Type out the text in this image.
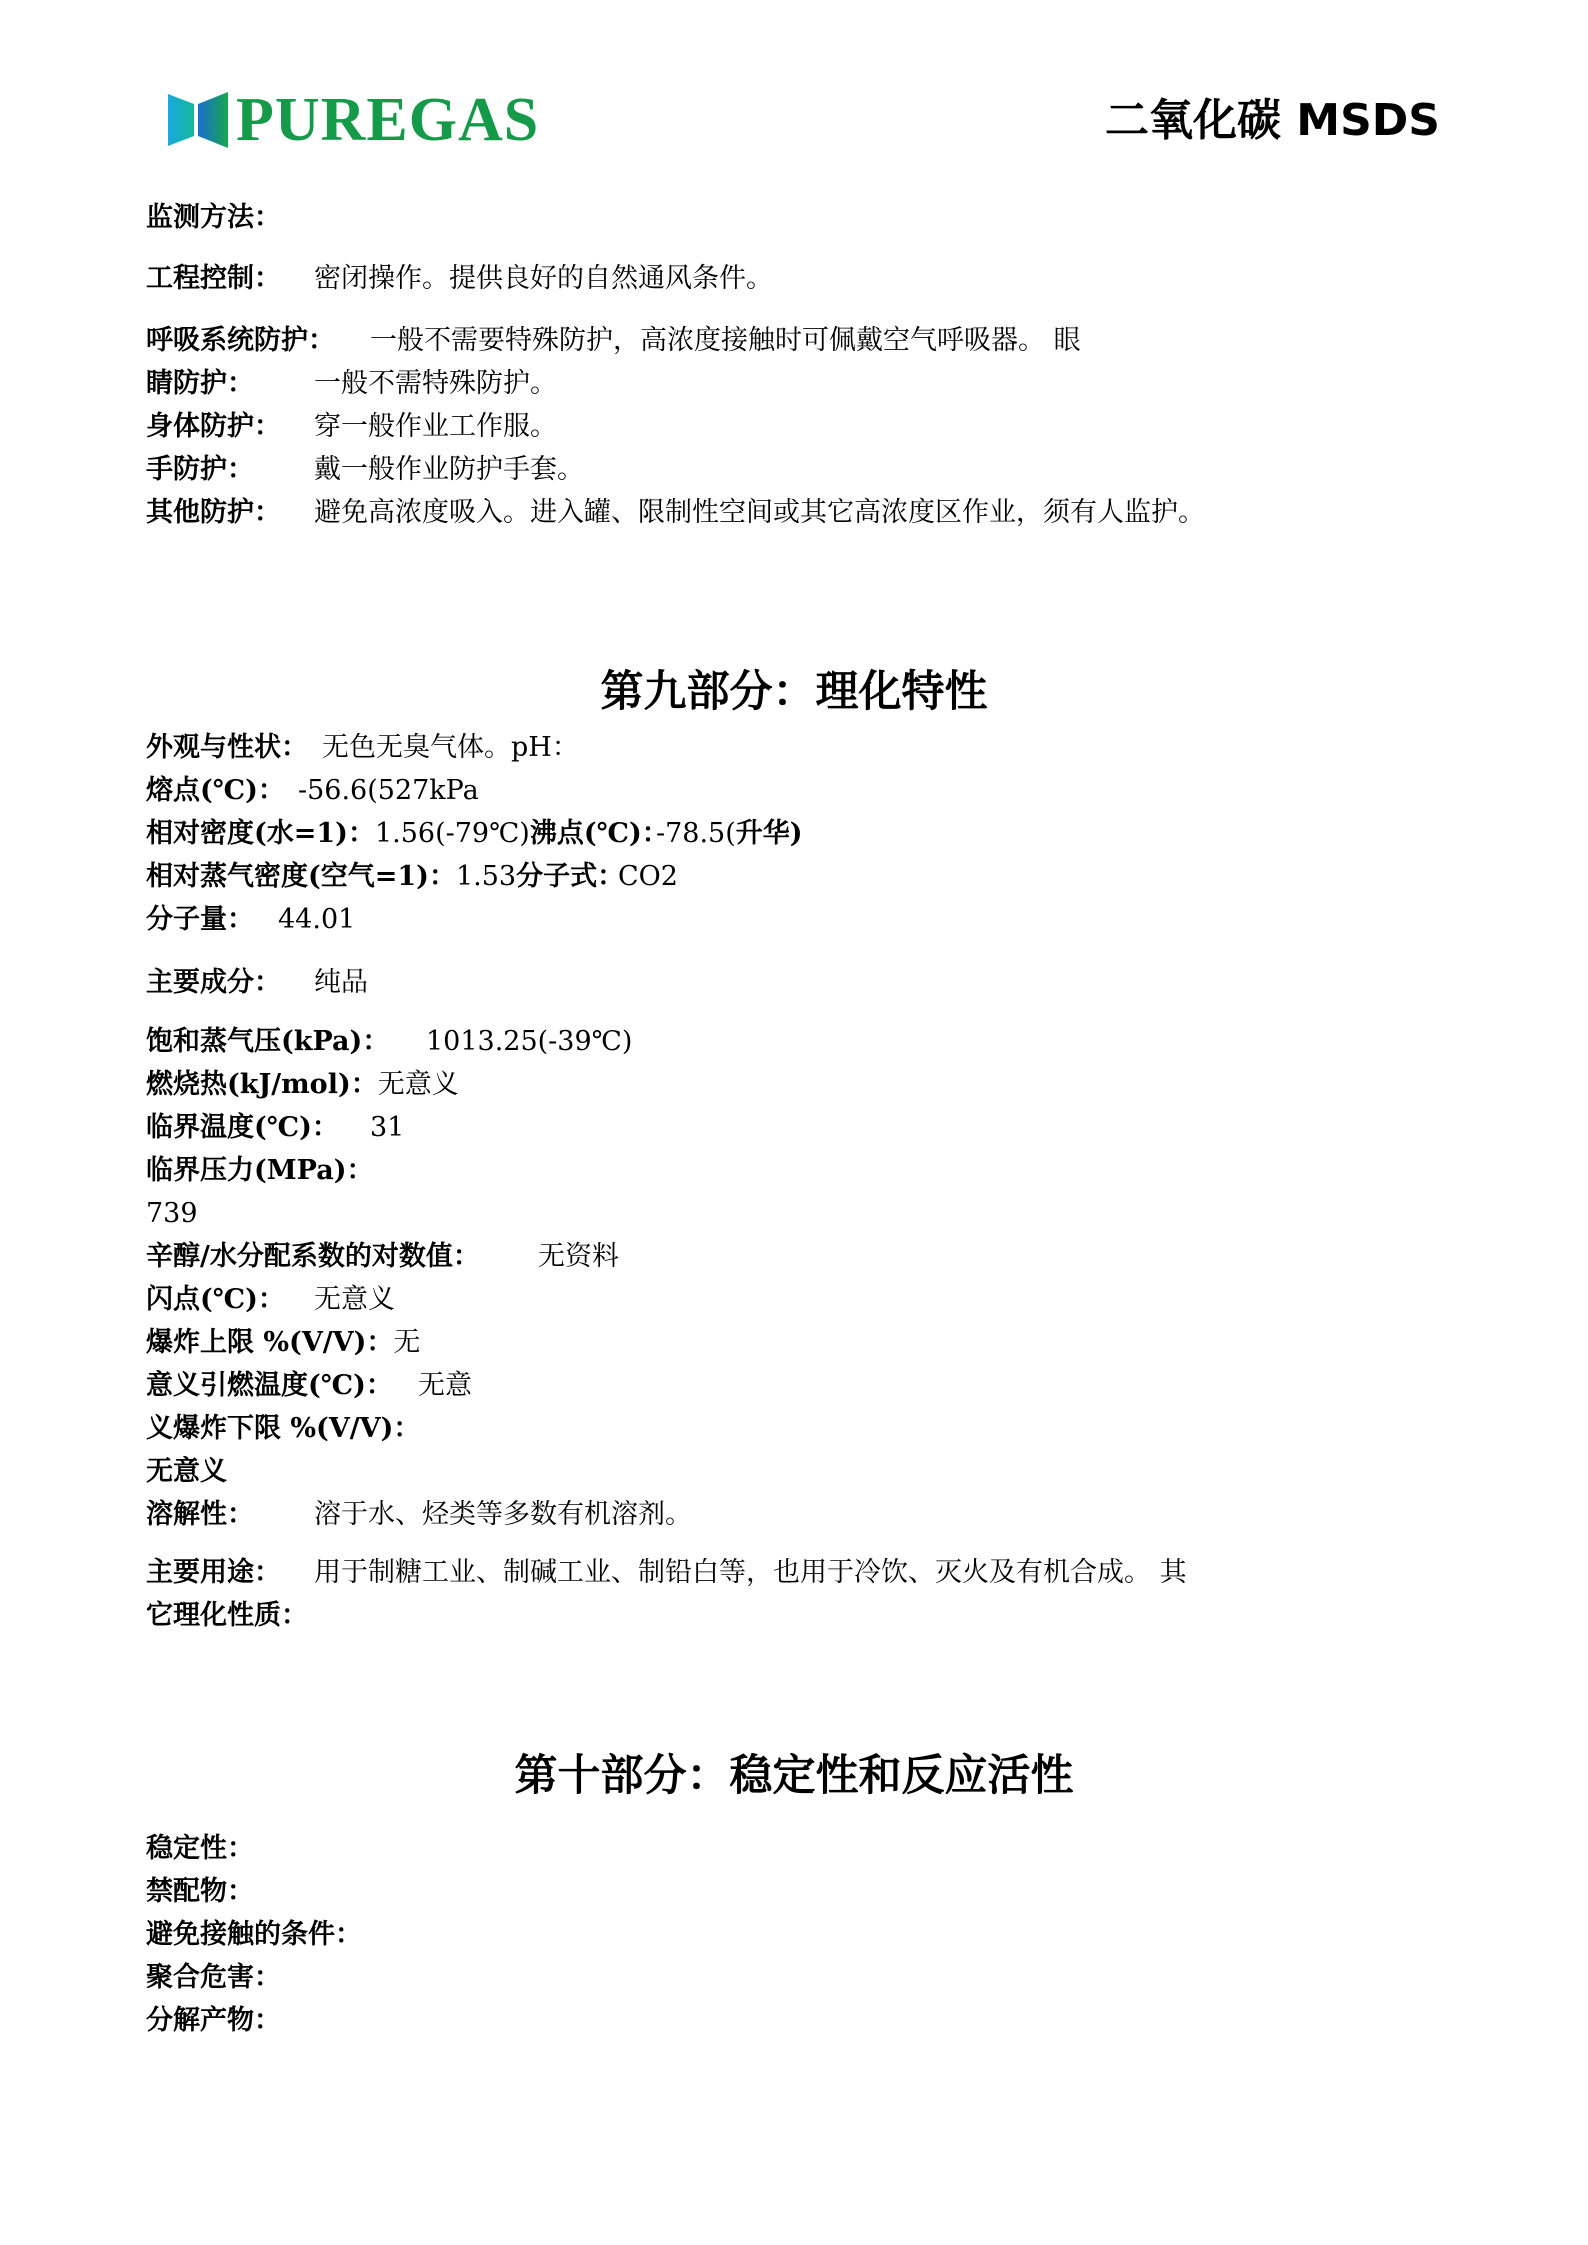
PUREGAS	二氧化碳 MSDS
监测方法：
工程控制： 密闭操作。提供良好的自然通风条件。
呼吸系统防护： 一般不需要特殊防护，高浓度接触时可佩戴空气呼吸器。 眼
睛防护： 一般不需特殊防护。
身体防护： 穿一般作业工作服。
手防护： 戴一般作业防护手套。
其他防护： 避免高浓度吸入。进入罐、限制性空间或其它高浓度区作业，须有人监护。
第九部分：理化特性
外观与性状： 无色无臭气体。pH：
熔点(℃)： -56.6(527kPa
相对密度(水=1)：1.56(-79℃)沸点(℃)：
-78.5(升华)
相对蒸气密度(空气=1)：1.53分子式：
CO2
分子量： 44.01
主要成分： 纯品
饱和蒸气压(kPa)： 1013.25(-39℃)
燃烧热(kJ/mol)：无意义
临界温度(℃)： 31
临界压力(MPa)：
739
辛醇/水分配系数的对数值： 无资料
闪点(℃)： 无意义
爆炸上限 %(V/V)：无
意义引燃温度(℃)： 无意
义爆炸下限 %(V/V)：
无意义
溶解性： 溶于水、烃类等多数有机溶剂。
主要用途： 用于制糖工业、制碱工业、制铅白等，也用于冷饮、灭火及有机合成。 其
它理化性质：
第十部分：稳定性和反应活性
稳定性：
禁配物：
避免接触的条件：
聚合危害：
分解产物：
